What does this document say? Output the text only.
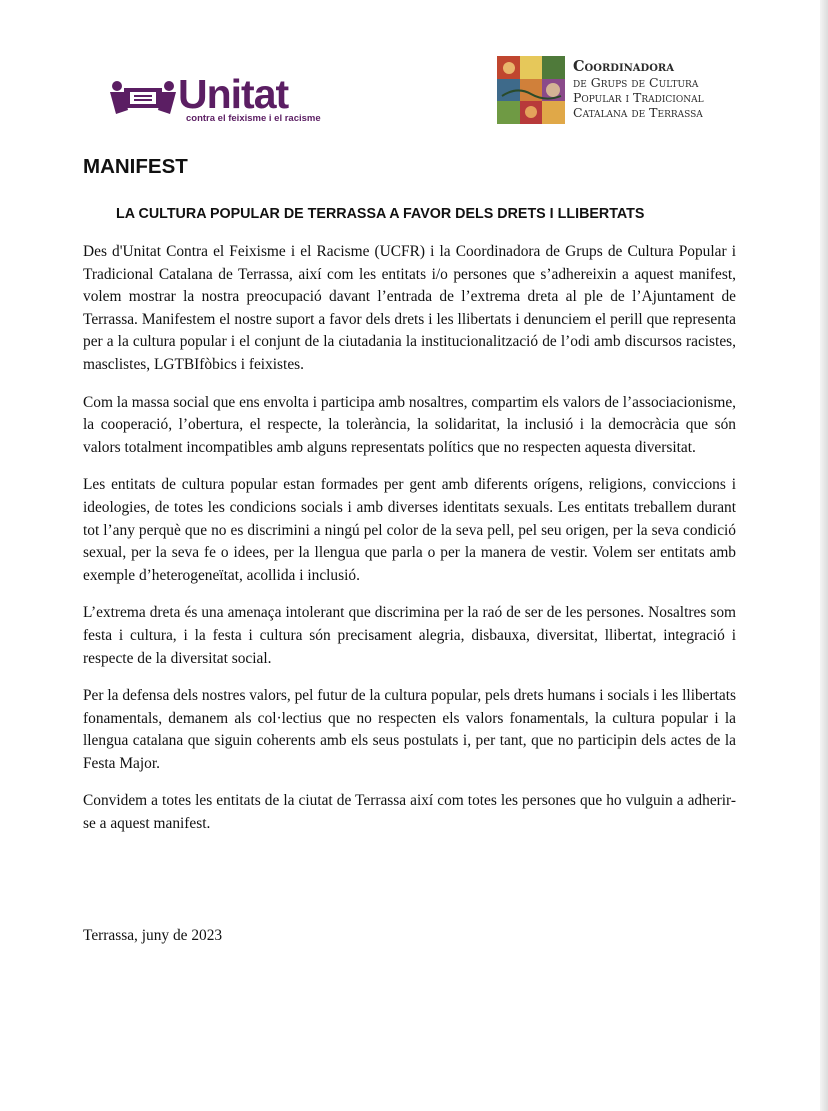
Unitat
contra el feixisme i el racisme
Coordinadora
de Grups de Cultura
Popular i Tradicional
Catalana de Terrassa
MANIFEST
LA CULTURA POPULAR DE TERRASSA A FAVOR DELS DRETS I LLIBERTATS

Des d'Unitat Contra el Feixisme i el Racisme (UCFR) i la Coordinadora de Grups de Cultura Popular i Tradicional Catalana de Terrassa, així com les entitats i/o persones que s’adhereixin a aquest manifest, volem mostrar la nostra preocupació davant l’entrada de l’extrema dreta al ple de l’Ajuntament de Terrassa. Manifestem el nostre suport a favor dels drets i les llibertats i denunciem el perill que representa per a la cultura popular i el conjunt de la ciutadania la institucionalització de l’odi amb discursos racistes, masclistes, LGTBIfòbics i feixistes.

Com la massa social que ens envolta i participa amb nosaltres, compartim els valors de l’associacionisme, la cooperació, l’obertura, el respecte, la tolerància, la solidaritat, la inclusió i la democràcia que són valors totalment incompatibles amb alguns representats polítics que no respecten aquesta diversitat.

Les entitats de cultura popular estan formades per gent amb diferents orígens, religions, conviccions i ideologies, de totes les condicions socials i amb diverses identitats sexuals. Les entitats treballem durant tot l’any perquè que no es discrimini a ningú pel color de la seva pell, pel seu origen, per la seva condició sexual, per la seva fe o idees, per la llengua que parla o per la manera de vestir. Volem ser entitats amb exemple d’heterogeneïtat, acollida i inclusió.

L’extrema dreta és una amenaça intolerant que discrimina per la raó de ser de les persones. Nosaltres som festa i cultura, i la festa i cultura són precisament alegria, disbauxa, diversitat, llibertat, integració i respecte de la diversitat social.

Per la defensa dels nostres valors, pel futur de la cultura popular, pels drets humans i socials i les llibertats fonamentals, demanem als col·lectius que no respecten els valors fonamentals, la cultura popular i la llengua catalana que siguin coherents amb els seus postulats i, per tant, que no participin dels actes de la Festa Major.

Convidem a totes les entitats de la ciutat de Terrassa així com totes les persones que ho vulguin a adherir-se a aquest manifest.

Terrassa, juny de 2023
